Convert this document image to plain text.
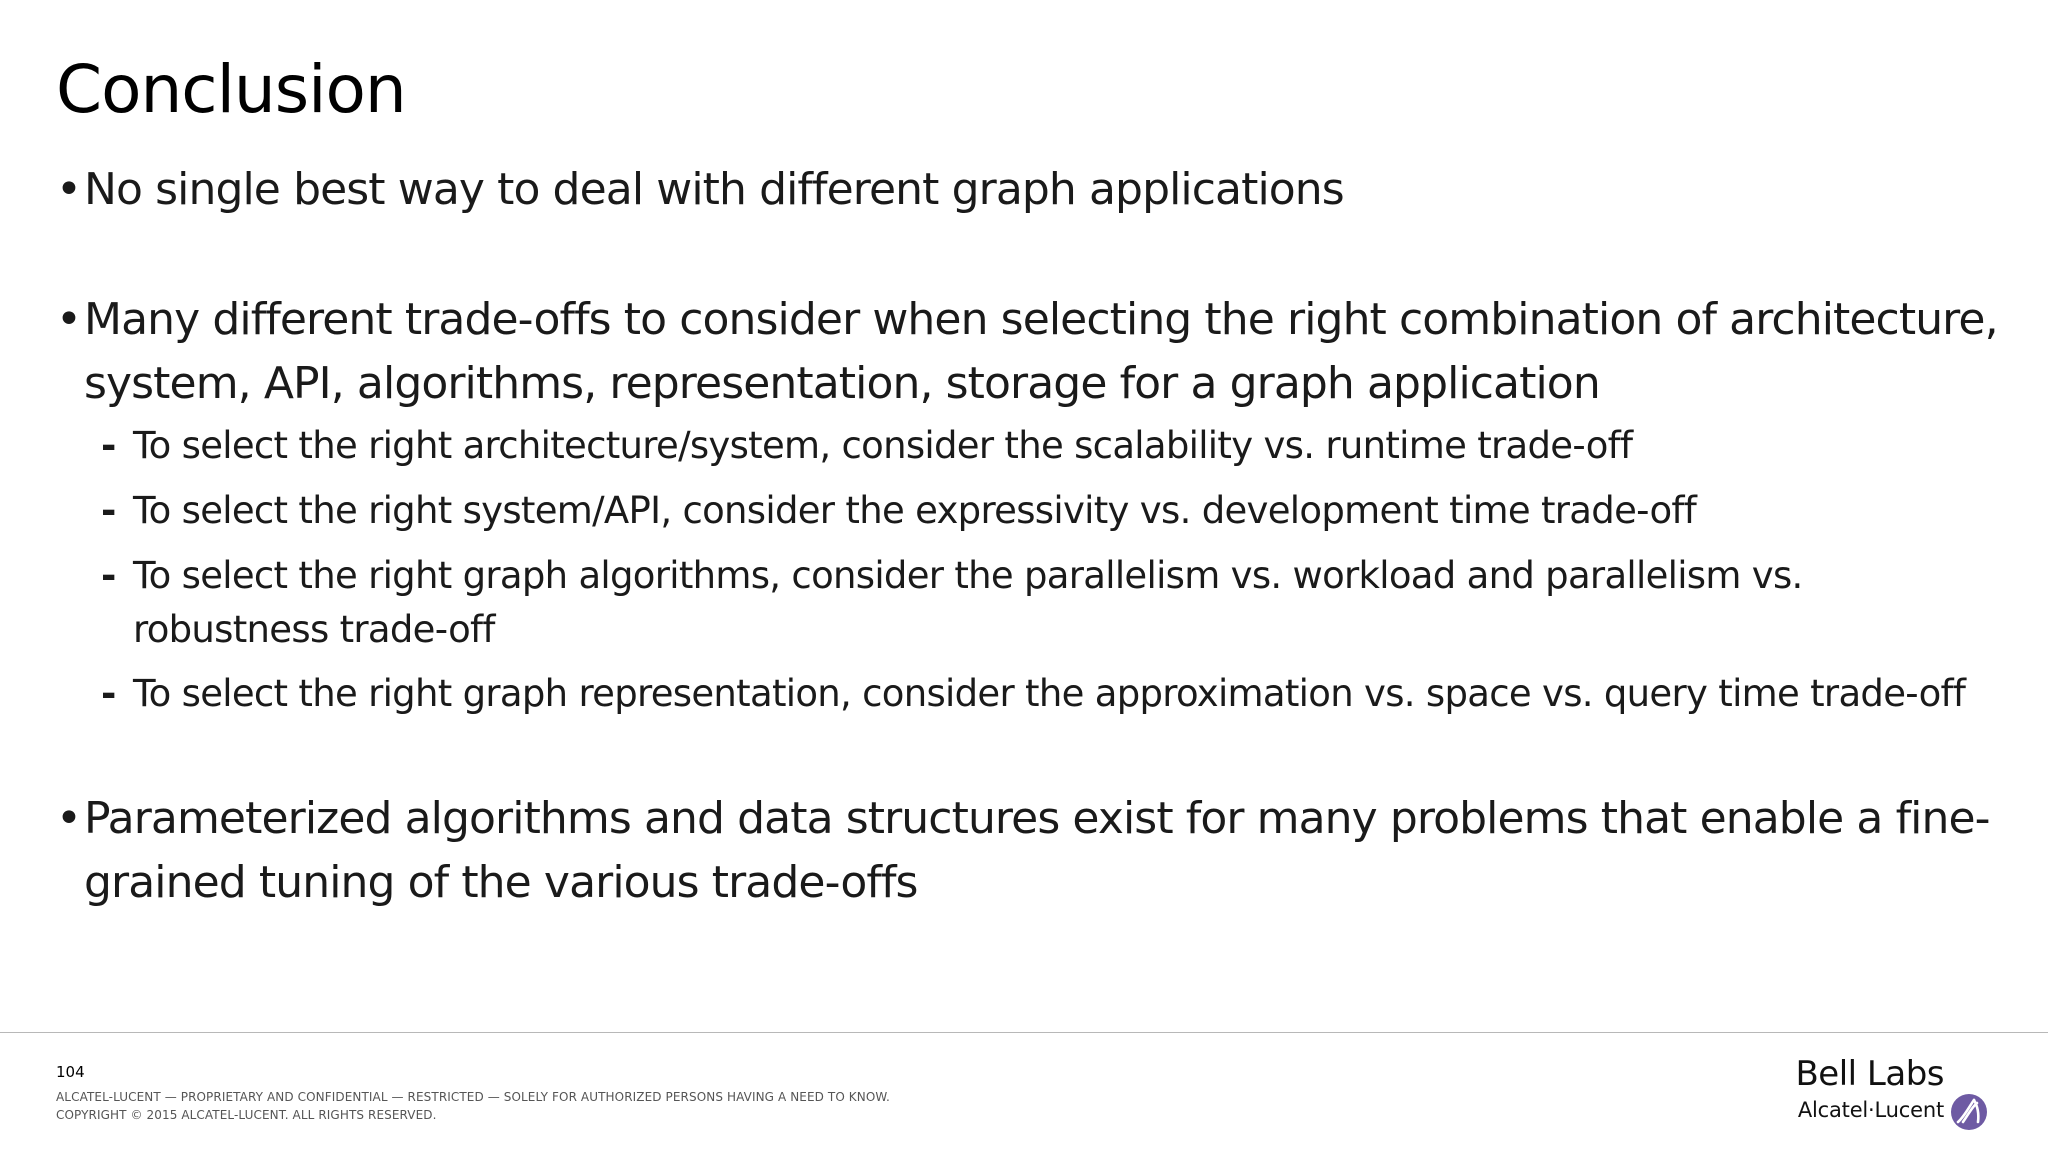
Conclusion
• No single best way to deal with different graph applications
• Many different trade-offs to consider when selecting the right combination of architecture, system, API, algorithms, representation, storage for a graph application
- To select the right architecture/system, consider the scalability vs. runtime trade-off
- To select the right system/API, consider the expressivity vs. development time trade-off
- To select the right graph algorithms, consider the parallelism vs. workload and parallelism vs. robustness trade-off
- To select the right graph representation, consider the approximation vs. space vs. query time trade-off
• Parameterized algorithms and data structures exist for many problems that enable a fine-grained tuning of the various trade-offs
104
ALCATEL-LUCENT — PROPRIETARY AND CONFIDENTIAL — RESTRICTED — SOLELY FOR AUTHORIZED PERSONS HAVING A NEED TO KNOW.
COPYRIGHT © 2015 ALCATEL-LUCENT. ALL RIGHTS RESERVED.
Bell Labs
Alcatel·Lucent
